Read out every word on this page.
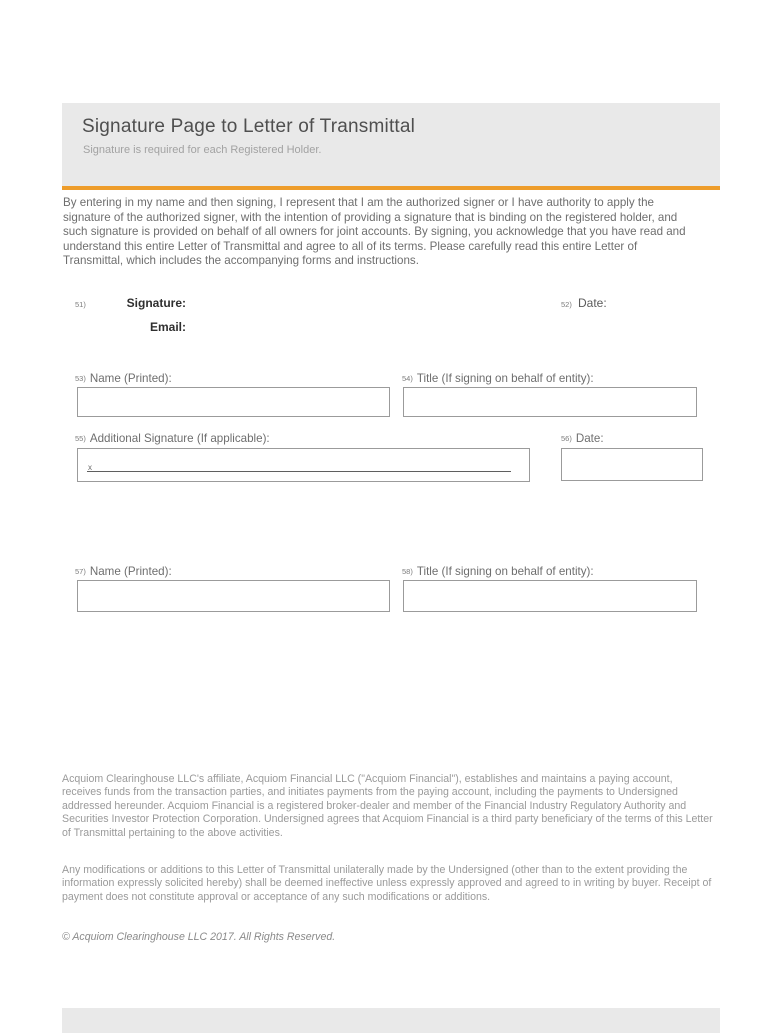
Signature Page to Letter of Transmittal
Signature is required for each Registered Holder.
By entering in my name and then signing, I represent that I am the authorized signer or I have authority to apply the signature of the authorized signer, with the intention of providing a signature that is binding on the registered holder, and such signature is provided on behalf of all owners for joint accounts. By signing, you acknowledge that you have read and understand this entire Letter of Transmittal and agree to all of its terms. Please carefully read this entire Letter of Transmittal, which includes the accompanying forms and instructions.
51)	Signature:
Email:
52) Date:
$^{53)}$ Name (Printed):	$^{54)}$ Title (If signing on behalf of entity):
$^{55)}$ Additional Signature (If applicable):
x
$^{56)}$ Date:
$^{57)}$ Name (Printed):	$^{58)}$ Title (If signing on behalf of entity):
Acquiom Clearinghouse LLC's affiliate, Acquiom Financial LLC ("Acquiom Financial"), establishes and maintains a paying account, receives funds from the transaction parties, and initiates payments from the paying account, including the payments to Undersigned addressed hereunder. Acquiom Financial is a registered broker-dealer and member of the Financial Industry Regulatory Authority and Securities Investor Protection Corporation. Undersigned agrees that Acquiom Financial is a third party beneficiary of the terms of this Letter of Transmittal pertaining to the above activities.
Any modifications or additions to this Letter of Transmittal unilaterally made by the Undersigned (other than to the extent providing the information expressly solicited hereby) shall be deemed ineffective unless expressly approved and agreed to in writing by buyer. Receipt of payment does not constitute approval or acceptance of any such modifications or additions.
© Acquiom Clearinghouse LLC 2017. All Rights Reserved.
